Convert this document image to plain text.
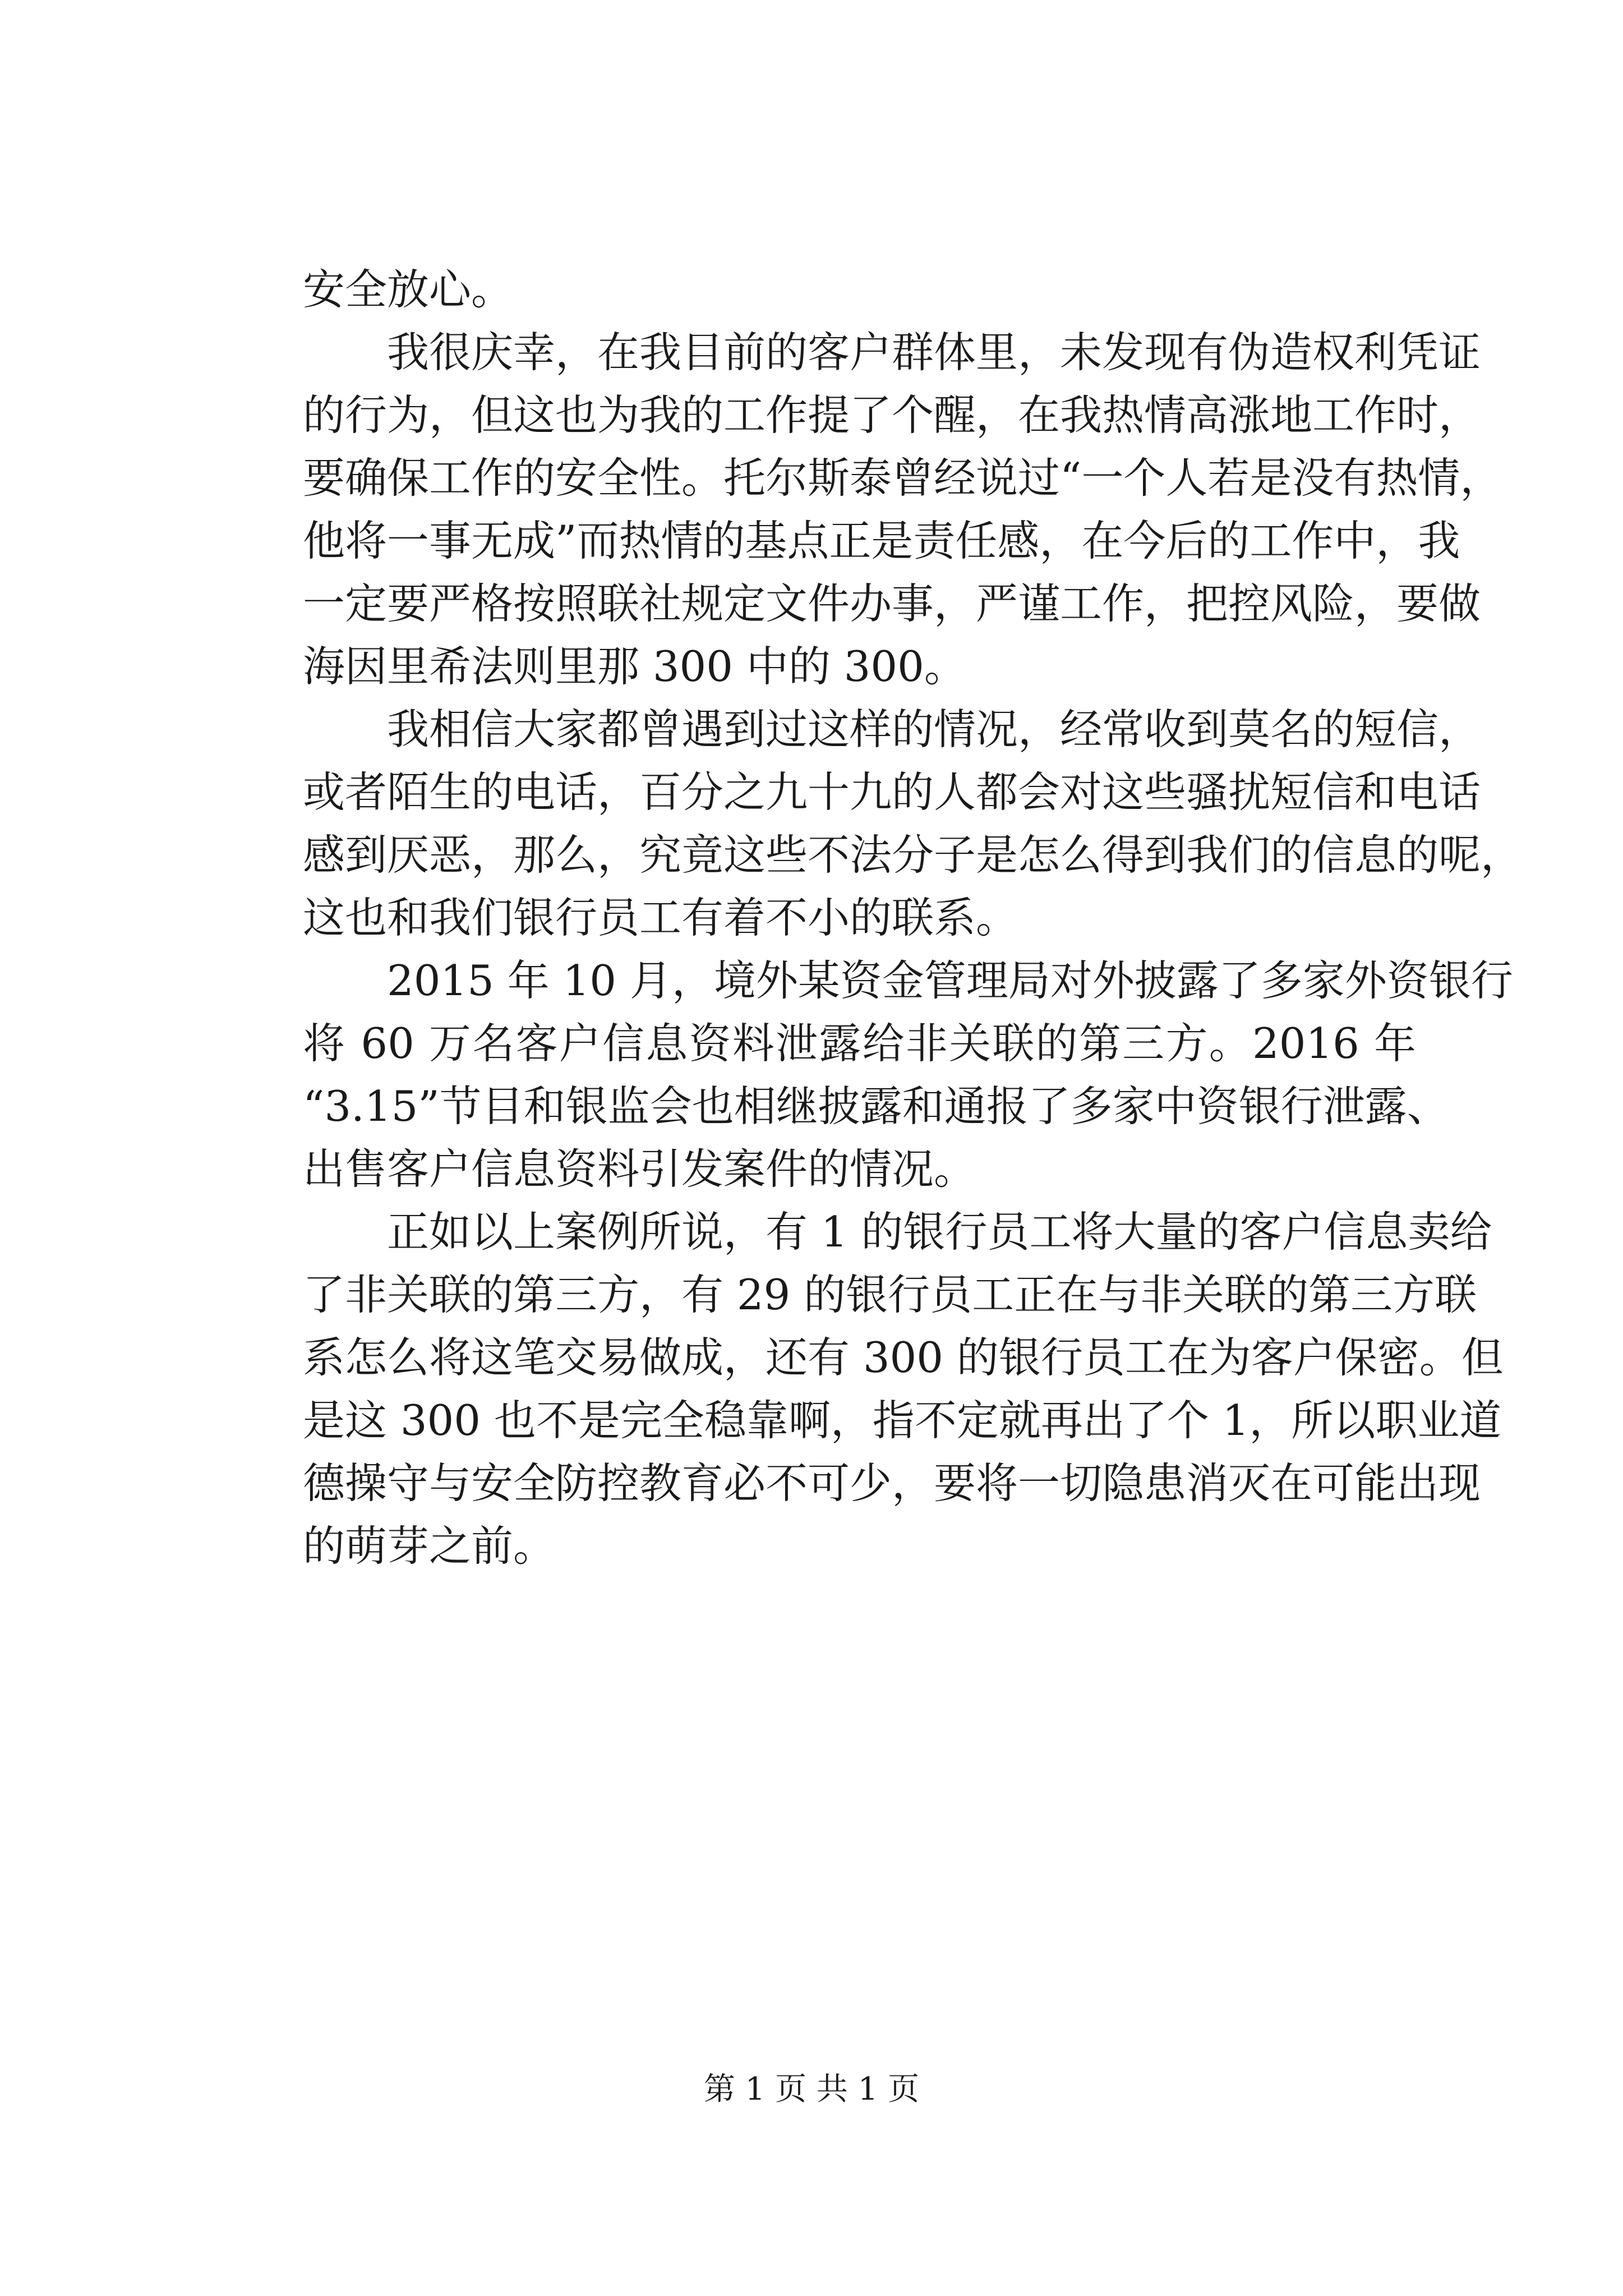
安全放心。
我很庆幸，在我目前的客户群体里，未发现有伪造权利凭证
的行为，但这也为我的工作提了个醒，在我热情高涨地工作时，
要确保工作的安全性。托尔斯泰曾经说过“一个人若是没有热情，
他将一事无成”而热情的基点正是责任感，在今后的工作中，我
一定要严格按照联社规定文件办事，严谨工作，把控风险，要做
海因里希法则里那 300 中的 300。
我相信大家都曾遇到过这样的情况，经常收到莫名的短信，
或者陌生的电话，百分之九十九的人都会对这些骚扰短信和电话
感到厌恶，那么，究竟这些不法分子是怎么得到我们的信息的呢，
这也和我们银行员工有着不小的联系。
2015 年 10 月，境外某资金管理局对外披露了多家外资银行
将 60 万名客户信息资料泄露给非关联的第三方。2016 年
“3.15”节目和银监会也相继披露和通报了多家中资银行泄露、
出售客户信息资料引发案件的情况。
正如以上案例所说，有 1 的银行员工将大量的客户信息卖给
了非关联的第三方，有 29 的银行员工正在与非关联的第三方联
系怎么将这笔交易做成，还有 300 的银行员工在为客户保密。但
是这 300 也不是完全稳靠啊，指不定就再出了个 1，所以职业道
德操守与安全防控教育必不可少，要将一切隐患消灭在可能出现
的萌芽之前。
第 1 页 共 1 页
